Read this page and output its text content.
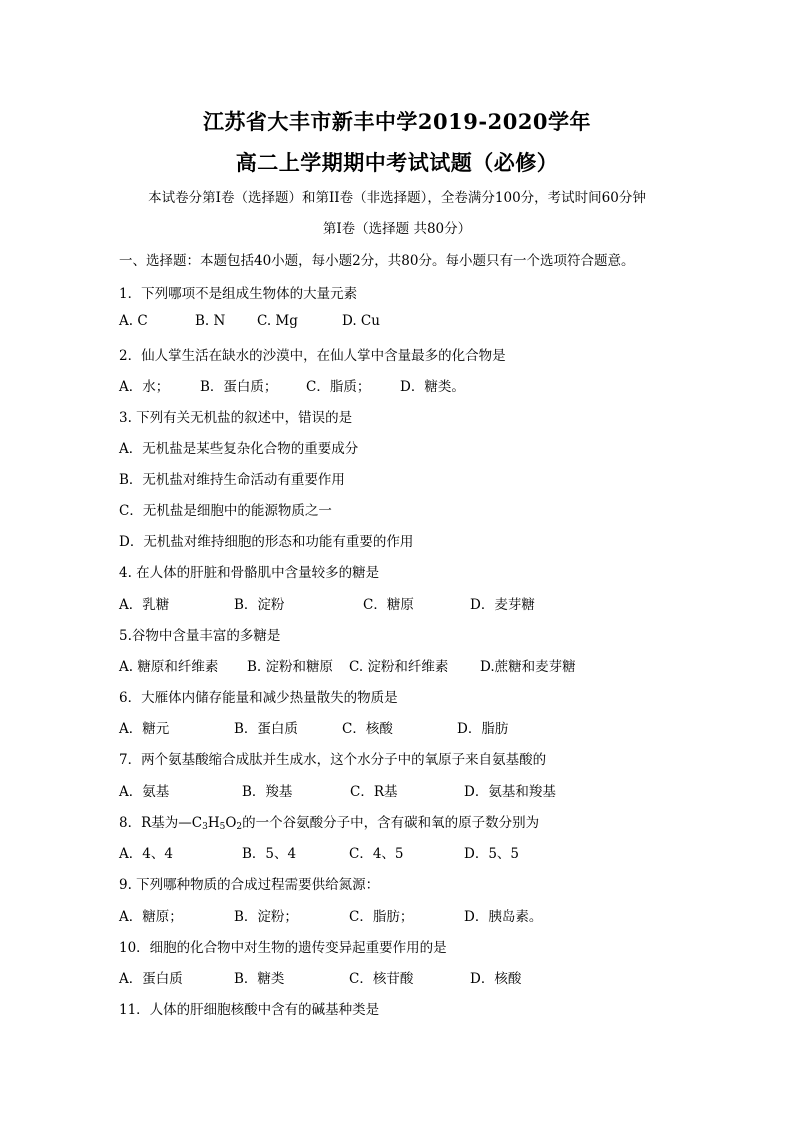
江苏省大丰市新丰中学2019-2020学年
高二上学期期中考试试题（必修）
本试卷分第I卷（选择题）和第II卷（非选择题），全卷满分100分，考试时间60分钟
第I卷（选择题 共80分）
一、选择题：本题包括40小题，每小题2分，共80分。每小题只有一个选项符合题意。
1．下列哪项不是组成生物体的大量元素
A. C	B. N C. Mg	D. Cu
2．仙人掌生活在缺水的沙漠中，在仙人掌中含量最多的化合物是
A．水； B．蛋白质； C．脂质； D．糖类。
3. 下列有关无机盐的叙述中，错误的是
A．无机盐是某些复杂化合物的重要成分
B．无机盐对维持生命活动有重要作用
C．无机盐是细胞中的能源物质之一
D．无机盐对维持细胞的形态和功能有重要的作用
4. 在人体的肝脏和骨骼肌中含量较多的糖是
A．乳糖	B．淀粉	C．糖原	D．麦芽糖
5.谷物中含量丰富的多糖是
A. 糖原和纤维素 B. 淀粉和糖原 C. 淀粉和纤维素 D.蔗糖和麦芽糖
6．大雁体内储存能量和减少热量散失的物质是
A．糖元	B．蛋白质	C．核酸	D．脂肪
7．两个氨基酸缩合成肽并生成水，这个水分子中的氧原子来自氨基酸的
A．氨基	B．羧基	C．R基	D．氨基和羧基
8．R基为$—C_3H_5O_2$的一个谷氨酸分子中，含有碳和氧的原子数分别为
A．4、4	B．5、4	C．4、5	D．5、5
9. 下列哪种物质的合成过程需要供给氮源：
A．糖原；	B．淀粉；	C．脂肪；	D．胰岛素。
10．细胞的化合物中对生物的遗传变异起重要作用的是
A．蛋白质	B．糖类	C．核苷酸	D．核酸
11．人体的肝细胞核酸中含有的碱基种类是
